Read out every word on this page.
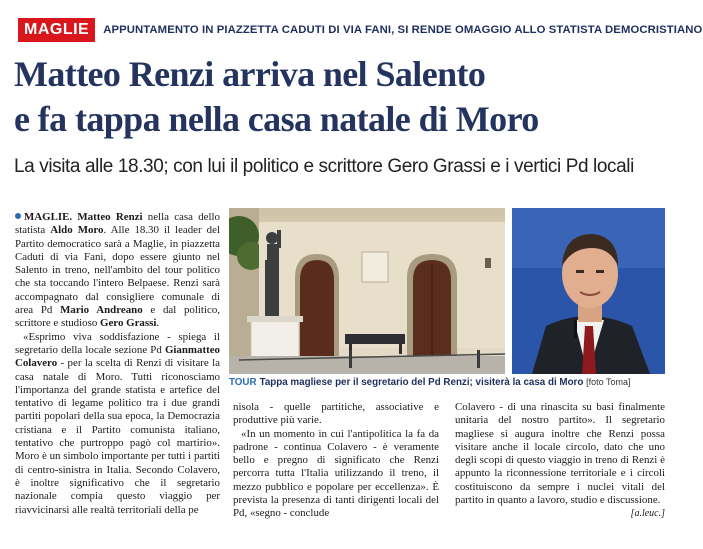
MAGLIE	APPUNTAMENTO IN PIAZZETTA CADUTI DI VIA FANI, SI RENDE OMAGGIO ALLO STATISTA DEMOCRISTIANO
Matteo Renzi arriva nel Salento
e fa tappa nella casa natale di Moro
La visita alle 18.30; con lui il politico e scrittore Gero Grassi e i vertici Pd locali

MAGLIE. Matteo Renzi nella casa dello statista Aldo Moro. Alle 18.30 il leader del Partito democratico sarà a Maglie, in piazzetta Caduti di via Fani, dopo essere giunto nel Salento in treno, nell'ambito del tour politico che sta toccando l'intero Belpaese. Renzi sarà accompagnato dal consigliere comunale di area Pd Mario Andreano e dal politico, scrittore e studioso Gero Grassi.

«Esprimo viva soddisfazione - spiega il segretario della locale sezione Pd Gianmatteo Colavero - per la scelta di Renzi di visitare la casa natale di Moro. Tutti riconosciamo l'importanza del grande statista e artefice del tentativo di legame politico tra i due grandi partiti popolari della sua epoca, la Democrazia cristiana e il Partito comunista italiano, tentativo che purtroppo pagò col martirio». Moro è un simbolo importante per tutti i partiti di centro-sinistra in Italia. Secondo Colavero, è inoltre significativo che il segretario nazionale compia questo viaggio per riavvicinarsi alle realtà territoriali della pe

TOUR Tappa magliese per il segretario del Pd Renzi; visiterà la casa di Moro [foto Toma]

nisola - quelle partitiche, associative e produttive più varie.

«In un momento in cui l'antipolitica la fa da padrone - continua Colavero - è veramente bello e pregno di significato che Renzi percorra tutta l'Italia utilizzando il treno, il mezzo pubblico e popolare per eccellenza». È prevista la presenza di tanti dirigenti locali del Pd, «segno - conclude

Colavero - di una rinascita su basi finalmente unitaria del nostro partito». Il segretario magliese si augura inoltre che Renzi possa visitare anche il locale circolo, dato che uno degli scopi di questo viaggio in treno di Renzi è appunto la riconnessione territoriale e i circoli costituiscono da sempre i nuclei vitali del partito in quanto a lavoro, studio e discussione.
[a.leuc.]
